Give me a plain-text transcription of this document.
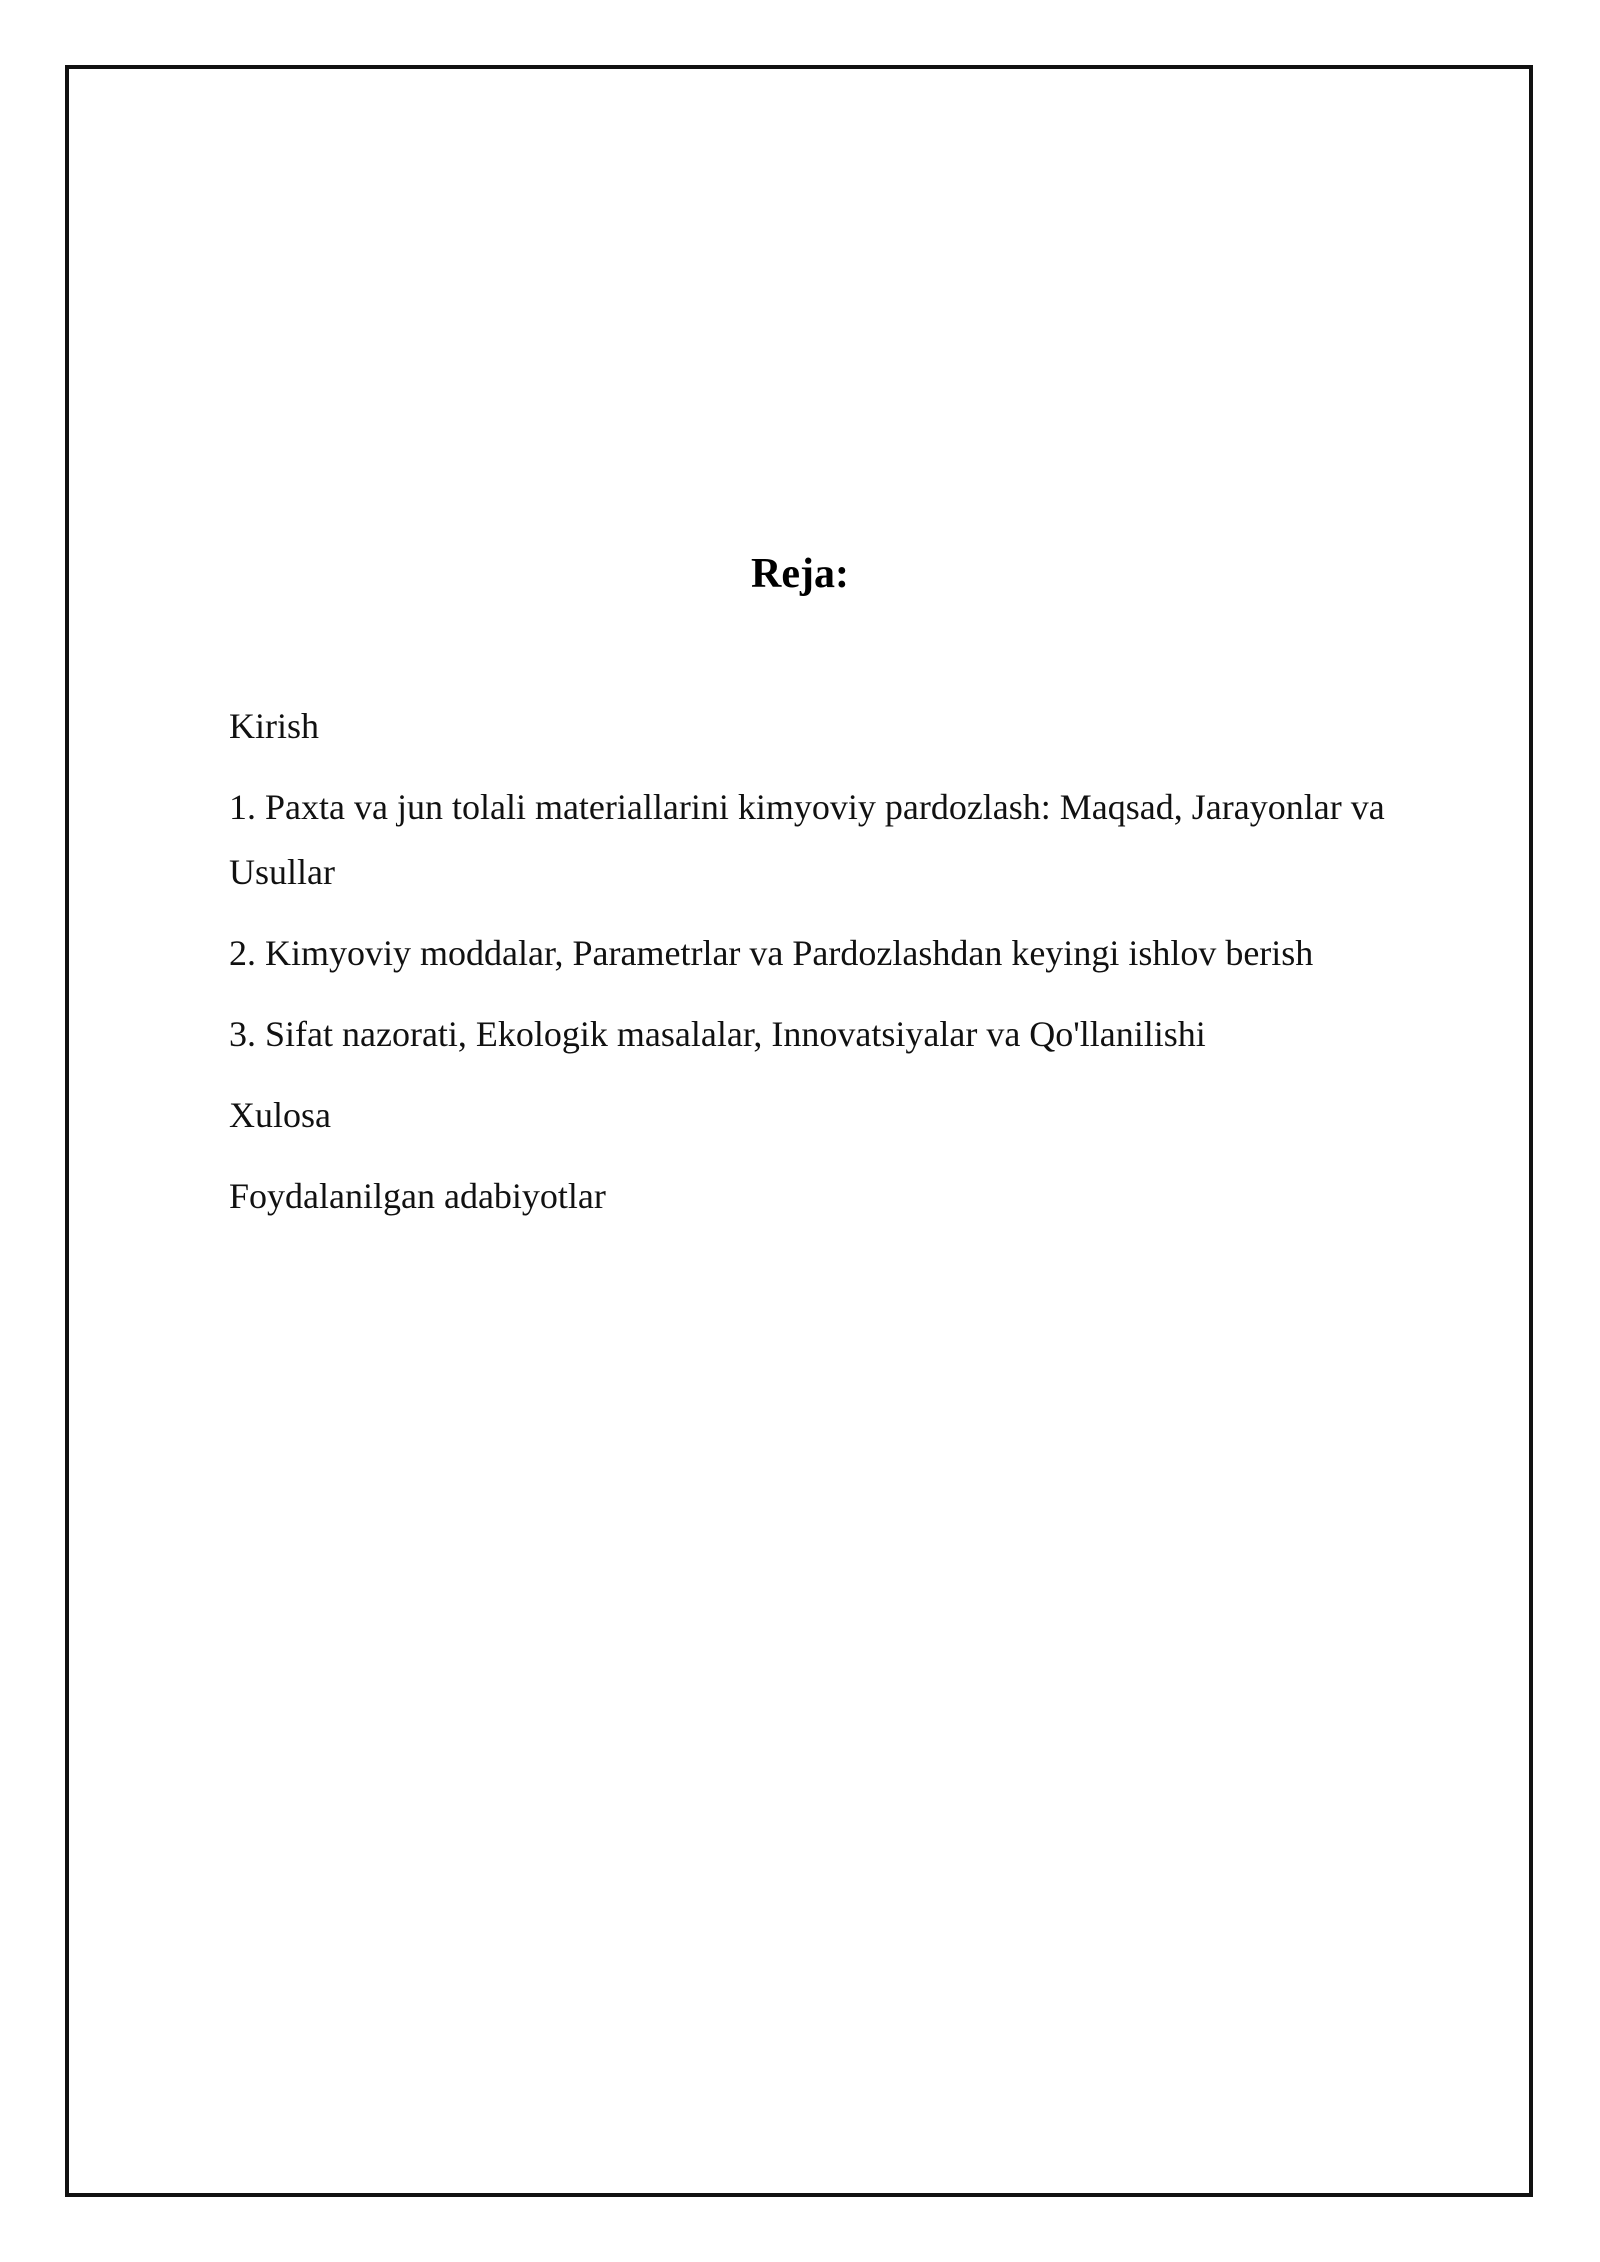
Reja:
Kirish
1. Paxta va jun tolali materiallarini kimyoviy pardozlash: Maqsad, Jarayonlar va Usullar
2. Kimyoviy moddalar, Parametrlar va Pardozlashdan keyingi ishlov berish
3. Sifat nazorati, Ekologik masalalar, Innovatsiyalar va Qo'llanilishi
Xulosa
Foydalanilgan adabiyotlar
